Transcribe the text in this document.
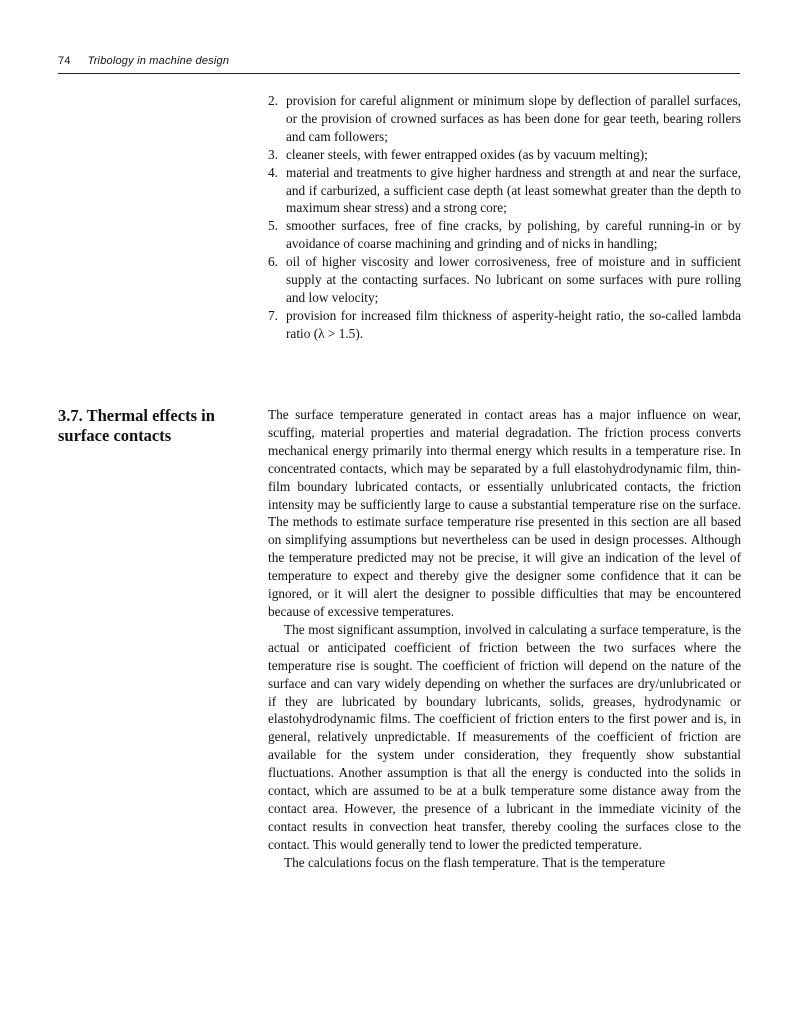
74 Tribology in machine design
2. provision for careful alignment or minimum slope by deflection of parallel surfaces, or the provision of crowned surfaces as has been done for gear teeth, bearing rollers and cam followers;
3. cleaner steels, with fewer entrapped oxides (as by vacuum melting);
4. material and treatments to give higher hardness and strength at and near the surface, and if carburized, a sufficient case depth (at least somewhat greater than the depth to maximum shear stress) and a strong core;
5. smoother surfaces, free of fine cracks, by polishing, by careful running-in or by avoidance of coarse machining and grinding and of nicks in handling;
6. oil of higher viscosity and lower corrosiveness, free of moisture and in sufficient supply at the contacting surfaces. No lubricant on some surfaces with pure rolling and low velocity;
7. provision for increased film thickness of asperity-height ratio, the so-called lambda ratio (λ > 1.5).
3.7. Thermal effects in surface contacts

The surface temperature generated in contact areas has a major influence on wear, scuffing, material properties and material degradation. The friction process converts mechanical energy primarily into thermal energy which results in a temperature rise. In concentrated contacts, which may be separated by a full elastohydrodynamic film, thin-film boundary lubricated contacts, or essentially unlubricated contacts, the friction intensity may be sufficiently large to cause a substantial temperature rise on the surface. The methods to estimate surface temperature rise presented in this section are all based on simplifying assumptions but nevertheless can be used in design processes. Although the temperature predicted may not be precise, it will give an indication of the level of temperature to expect and thereby give the designer some confidence that it can be ignored, or it will alert the designer to possible difficulties that may be encountered because of excessive temperatures.

The most significant assumption, involved in calculating a surface temperature, is the actual or anticipated coefficient of friction between the two surfaces where the temperature rise is sought. The coefficient of friction will depend on the nature of the surface and can vary widely depending on whether the surfaces are dry/unlubricated or if they are lubricated by boundary lubricants, solids, greases, hydrodynamic or elastohydrodynamic films. The coefficient of friction enters to the first power and is, in general, relatively unpredictable. If measurements of the coefficient of friction are available for the system under consideration, they frequently show substantial fluctuations. Another assumption is that all the energy is conducted into the solids in contact, which are assumed to be at a bulk temperature some distance away from the contact area. However, the presence of a lubricant in the immediate vicinity of the contact results in convection heat transfer, thereby cooling the surfaces close to the contact. This would generally tend to lower the predicted temperature.

The calculations focus on the flash temperature. That is the temperature
